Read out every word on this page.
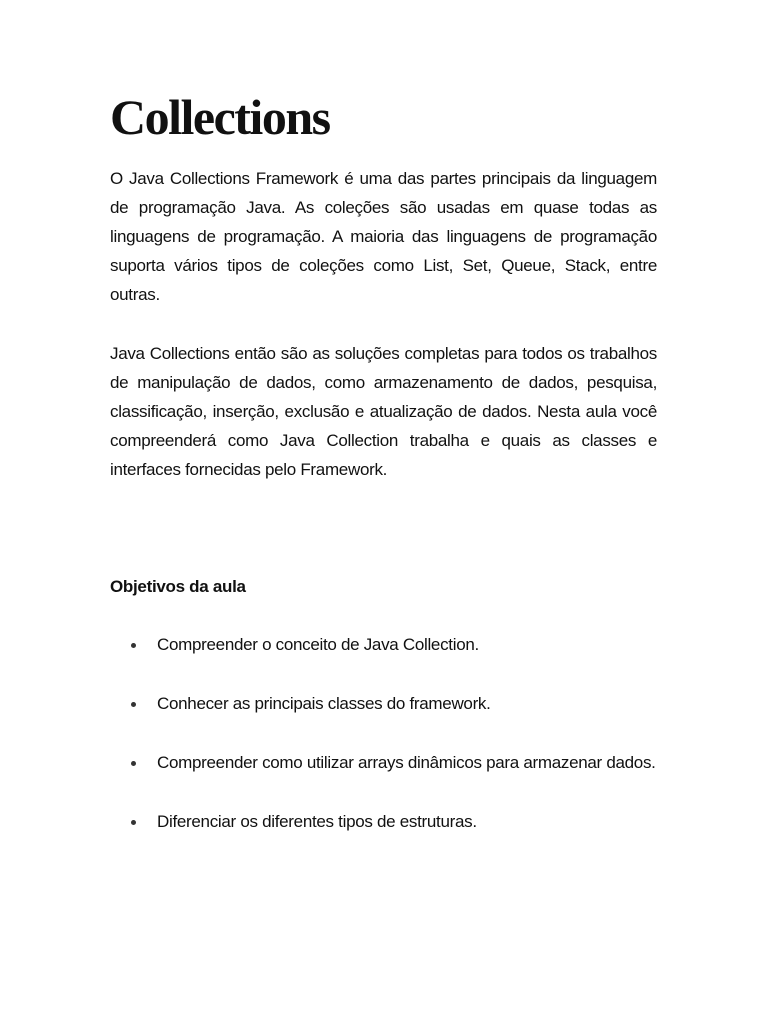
Collections

O Java Collections Framework é uma das partes principais da linguagem de programação Java. As coleções são usadas em quase todas as linguagens de programação. A maioria das linguagens de programação suporta vários tipos de coleções como List, Set, Queue, Stack, entre outras.

Java Collections então são as soluções completas para todos os trabalhos de manipulação de dados, como armazenamento de dados, pesquisa, classificação, inserção, exclusão e atualização de dados. Nesta aula você compreenderá como Java Collection trabalha e quais as classes e interfaces fornecidas pelo Framework.

Objetivos da aula
Compreender o conceito de Java Collection.
Conhecer as principais classes do framework.
Compreender como utilizar arrays dinâmicos para armazenar dados.
Diferenciar os diferentes tipos de estruturas.
